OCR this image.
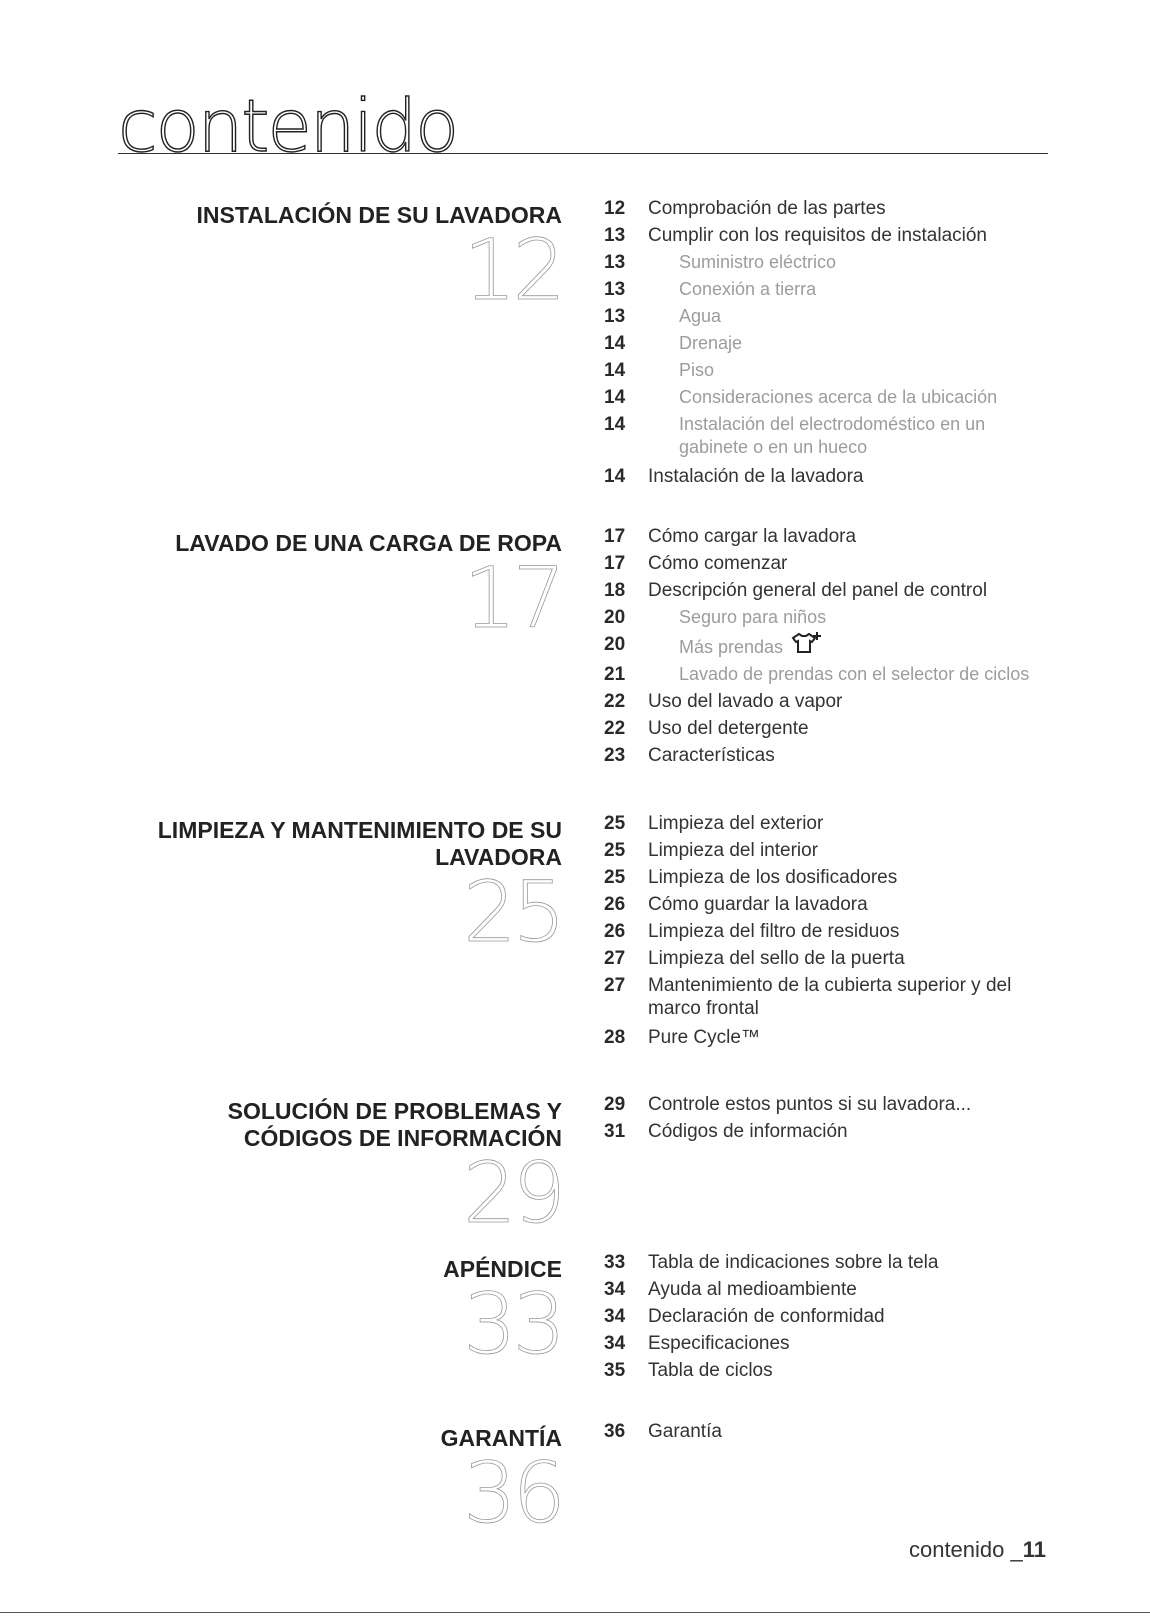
contenido
INSTALACIÓN DE SU LAVADORA
12
12	Comprobación de las partes
13	Cumplir con los requisitos de instalación
13	Suministro eléctrico
13	Conexión a tierra
13	Agua
14	Drenaje
14	Piso
14	Consideraciones acerca de la ubicación
14	Instalación del electrodoméstico en un gabinete o en un hueco
14	Instalación de la lavadora
LAVADO DE UNA CARGA DE ROPA
17
17	Cómo cargar la lavadora
17	Cómo comenzar
18	Descripción general del panel de control
20	Seguro para niños
20	Más prendas
21	Lavado de prendas con el selector de ciclos
22	Uso del lavado a vapor
22	Uso del detergente
23	Características
LIMPIEZA Y MANTENIMIENTO DE SU LAVADORA
25
25	Limpieza del exterior
25	Limpieza del interior
25	Limpieza de los dosificadores
26	Cómo guardar la lavadora
26	Limpieza del filtro de residuos
27	Limpieza del sello de la puerta
27	Mantenimiento de la cubierta superior y del marco frontal
28	Pure Cycle™
SOLUCIÓN DE PROBLEMAS Y CÓDIGOS DE INFORMACIÓN
29
29	Controle estos puntos si su lavadora...
31	Códigos de información
APÉNDICE
33
33	Tabla de indicaciones sobre la tela
34	Ayuda al medioambiente
34	Declaración de conformidad
34	Especificaciones
35	Tabla de ciclos
GARANTÍA
36
36	Garantía
contenido _11
